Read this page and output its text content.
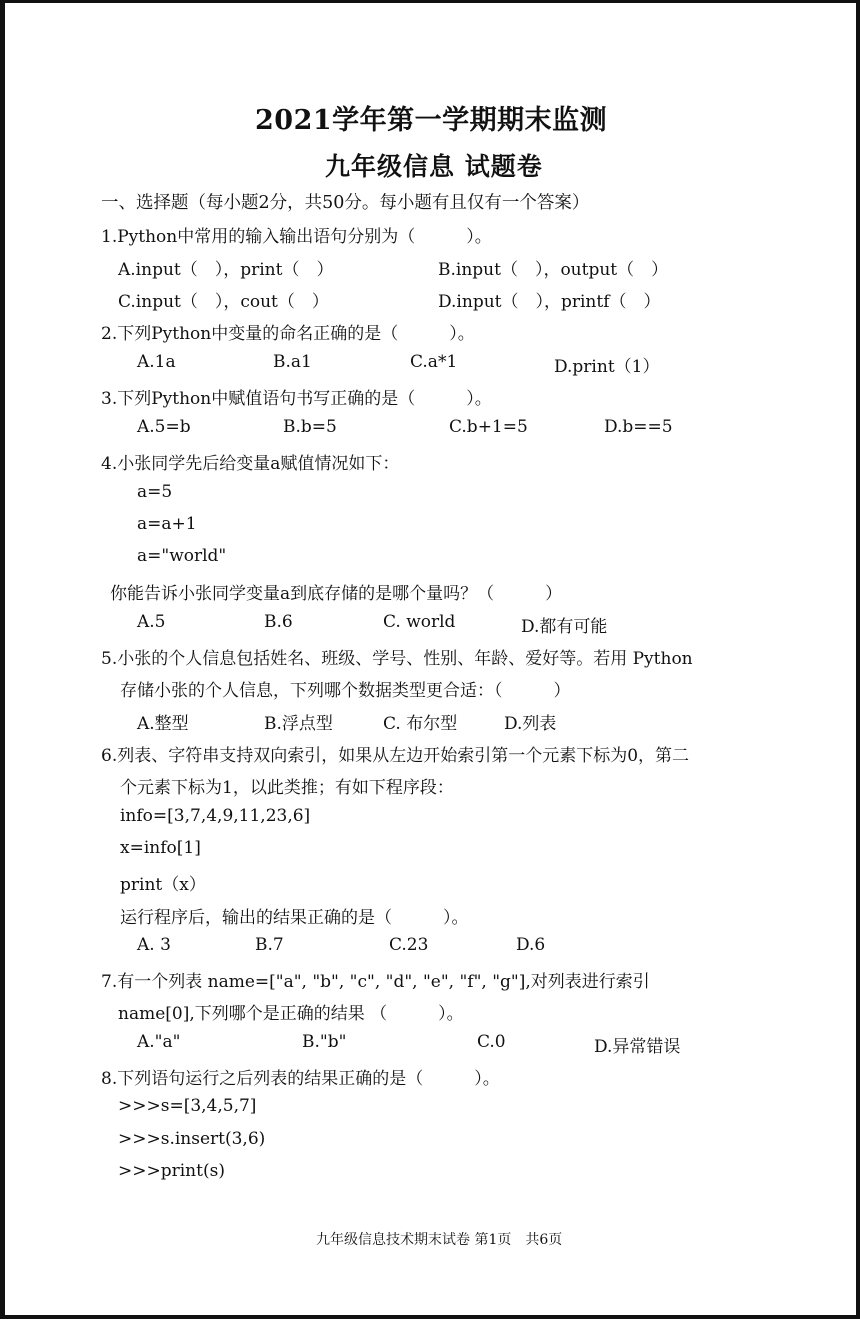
2021学年第一学期期末监测
九年级信息 试题卷
一、选择题（每小题2分，共50分。每小题有且仅有一个答案）
1.Python中常用的输入输出语句分别为（　　　）。
A.input（　），print（　）	B.input（　），output（　）
C.input（　），cout（　）	D.input（　），printf（　）
2.下列Python中变量的命名正确的是（　　　）。
A.1a	B.a1	C.a*1	D.print（1）
3.下列Python中赋值语句书写正确的是（　　　）。
A.5=b	B.b=5	C.b+1=5	D.b==5
4.小张同学先后给变量a赋值情况如下：
a=5
a=a+1
a="world"
你能告诉小张同学变量a到底存储的是哪个量吗？（　　　）
A.5	B.6	C. world	D.都有可能
5.小张的个人信息包括姓名、班级、学号、性别、年龄、爱好等。若用 Python
存储小张的个人信息，下列哪个数据类型更合适：（　　　）
A.整型	B.浮点型	C. 布尔型	D.列表
6.列表、字符串支持双向索引，如果从左边开始索引第一个元素下标为0，第二
个元素下标为1，以此类推；有如下程序段：
info=[3,7,4,9,11,23,6]
x=info[1]
print（x）
运行程序后，输出的结果正确的是（　　　）。
A. 3	B.7	C.23	D.6
7.有一个列表 name=["a", "b", "c", "d", "e", "f", "g"],对列表进行索引
name[0],下列哪个是正确的结果 （　　　）。
A."a"	B."b"	C.0	D.异常错误
8.下列语句运行之后列表的结果正确的是（　　　）。
>>>s=[3,4,5,7]
>>>s.insert(3,6)
>>>print(s)
九年级信息技术期末试卷 第1页　共6页
